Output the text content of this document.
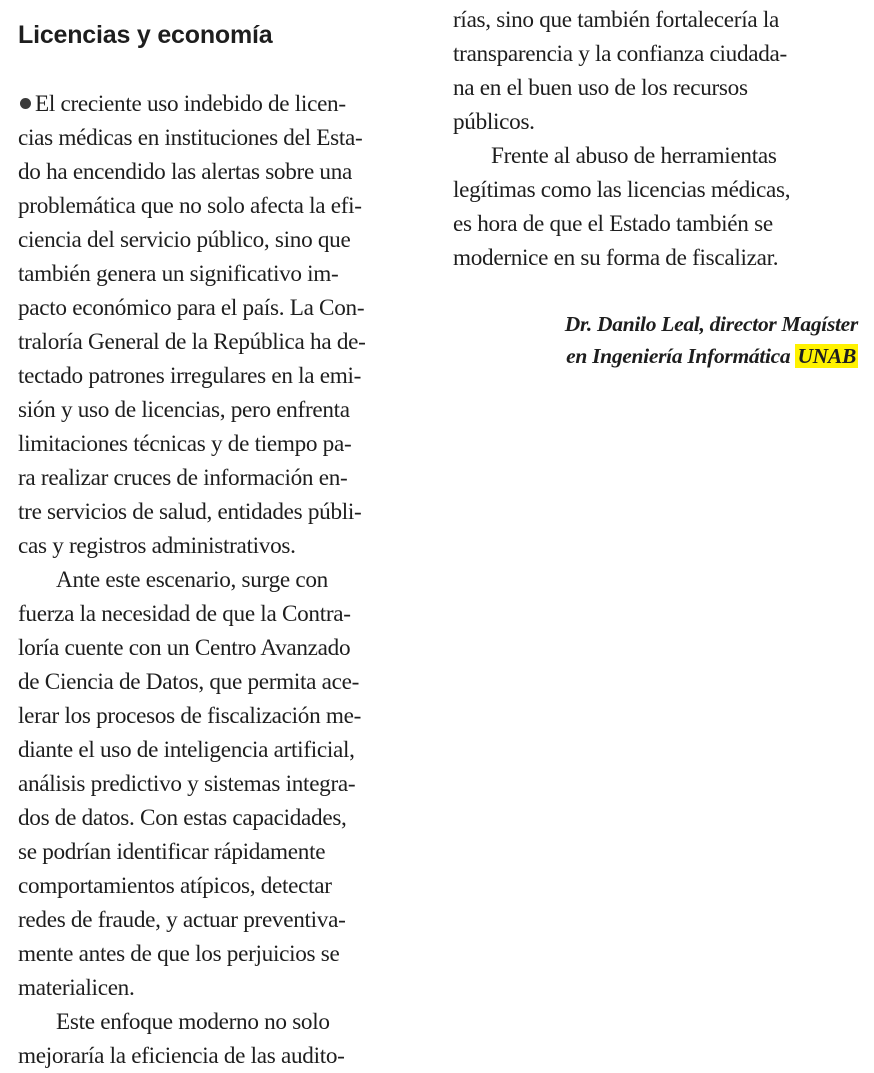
Licencias y economía
El creciente uso indebido de licen-
cias médicas en instituciones del Esta-
do ha encendido las alertas sobre una
problemática que no solo afecta la efi-
ciencia del servicio público, sino que
también genera un significativo im-
pacto económico para el país. La Con-
traloría General de la República ha de-
tectado patrones irregulares en la emi-
sión y uso de licencias, pero enfrenta
limitaciones técnicas y de tiempo pa-
ra realizar cruces de información en-
tre servicios de salud, entidades públi-
cas y registros administrativos.
Ante este escenario, surge con
fuerza la necesidad de que la Contra-
loría cuente con un Centro Avanzado
de Ciencia de Datos, que permita ace-
lerar los procesos de fiscalización me-
diante el uso de inteligencia artificial,
análisis predictivo y sistemas integra-
dos de datos. Con estas capacidades,
se podrían identificar rápidamente
comportamientos atípicos, detectar
redes de fraude, y actuar preventiva-
mente antes de que los perjuicios se
materialicen.
Este enfoque moderno no solo
mejoraría la eficiencia de las audito-
rías, sino que también fortalecería la
transparencia y la confianza ciudada-
na en el buen uso de los recursos
públicos.
Frente al abuso de herramientas
legítimas como las licencias médicas,
es hora de que el Estado también se
modernice en su forma de fiscalizar.
Dr. Danilo Leal, director Magíster
en Ingeniería Informática UNAB
